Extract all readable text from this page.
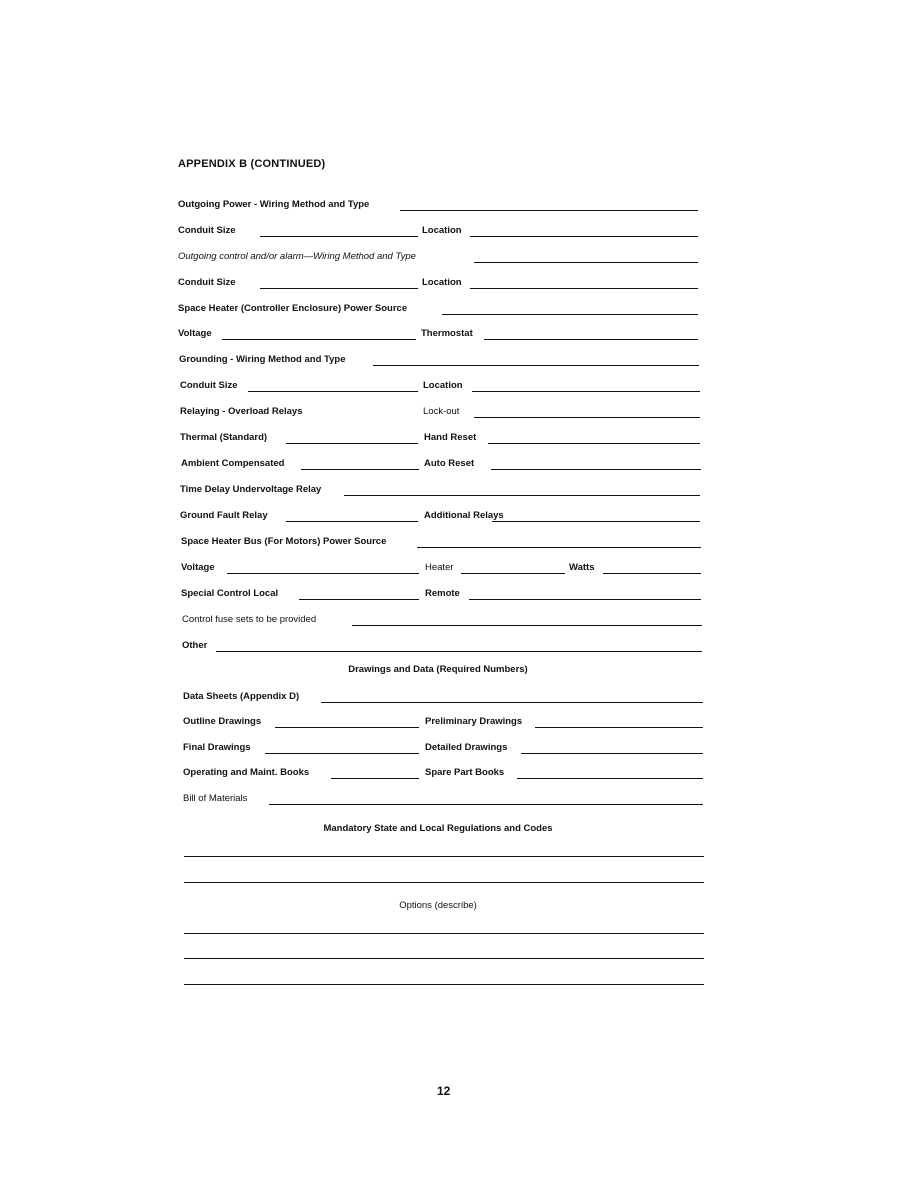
APPENDIX B (CONTINUED)
Outgoing Power - Wiring Method and Type
Conduit Size	Location
Outgoing control and/or alarm—Wiring Method and Type
Conduit Size	Location
Space Heater (Controller Enclosure) Power Source
Voltage	Thermostat
Grounding - Wiring Method and Type
Conduit Size	Location
Relaying - Overload Relays	Lock-out
Thermal (Standard)	Hand Reset
Ambient Compensated	Auto Reset
Time Delay Undervoltage Relay
Ground Fault Relay	Additional Relays
Space Heater Bus (For Motors) Power Source
Voltage	Heater	Watts
Special Control Local	Remote
Control fuse sets to be provided
Other
Drawings and Data (Required Numbers)
Data Sheets (Appendix D)
Outline Drawings	Preliminary Drawings
Final Drawings	Detailed Drawings
Operating and Maint. Books	Spare Part Books
Bill of Materials
Mandatory State and Local Regulations and Codes
Options (describe)
12
